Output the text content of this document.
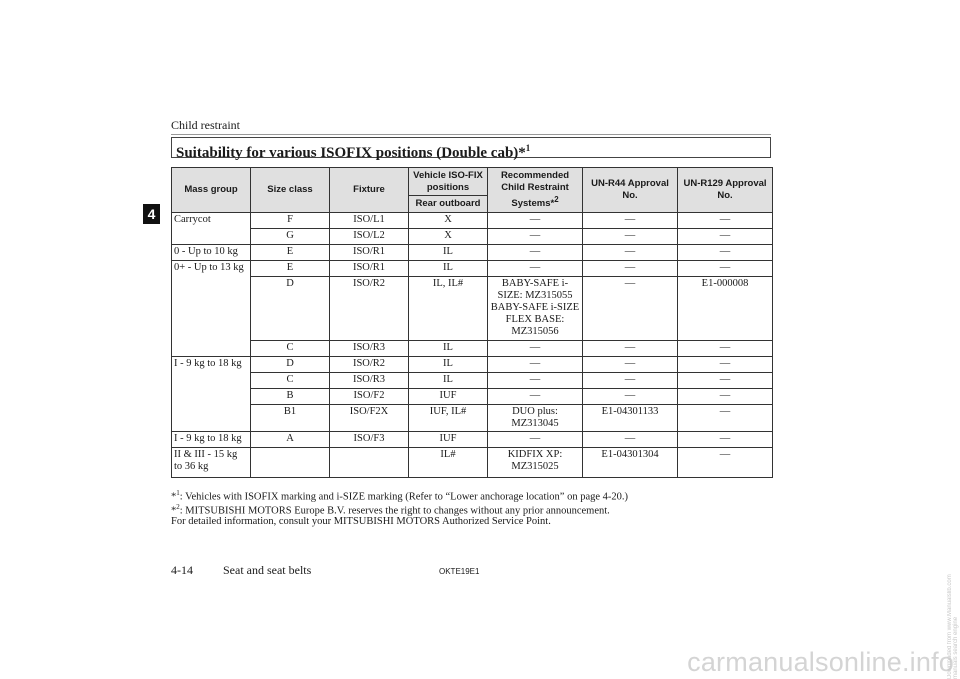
Child restraint
4
Suitability for various ISOFIX positions (Double cab)*$^1$
Mass group	Size class	Fixture	Vehicle ISO-FIX positions	Recommended Child Restraint Systems*$^2$	UN-R44 Approval No.	UN-R129 Approval No.
			Rear outboard			
Carrycot	F	ISO/L1	X	—	—	—
	G	ISO/L2	X	—	—	—
0 - Up to 10 kg	E	ISO/R1	IL	—	—	—
0+ - Up to 13 kg	E	ISO/R1	IL	—	—	—
	D	ISO/R2	IL, IL#	BABY-SAFE i-SIZE: MZ315055 BABY-SAFE i-SIZE FLEX BASE: MZ315056	—	E1-000008
	C	ISO/R3	IL	—	—	—
I - 9 kg to 18 kg	D	ISO/R2	IL	—	—	—
	C	ISO/R3	IL	—	—	—
	B	ISO/F2	IUF	—	—	—
	B1	ISO/F2X	IUF, IL#	DUO plus: MZ313045	E1-04301133	—
I - 9 kg to 18 kg	A	ISO/F3	IUF	—	—	—
II & III - 15 kg to 36 kg			IL#	KIDFIX XP: MZ315025	E1-04301304	—
*$^1$: Vehicles with ISOFIX marking and i-SIZE marking (Refer to “Lower anchorage location” on page 4-20.)
*$^2$: MITSUBISHI MOTORS Europe B.V. reserves the right to changes without any prior announcement.
For detailed information, consult your MITSUBISHI MOTORS Authorized Service Point.
4-14	Seat and seat belts	OKTE19E1
carmanualsonline.info
Downloaded from www.Manualslib.com manuals search engine
